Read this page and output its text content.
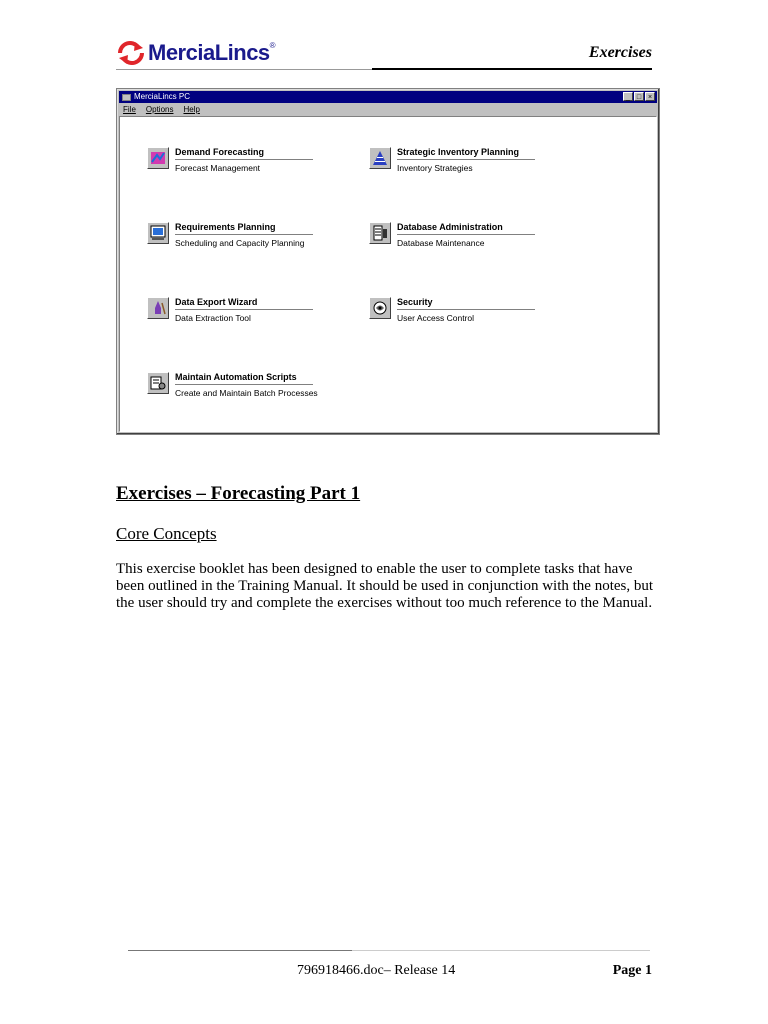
MerciaLincs ®	Exercises
MerciaLincs PC	_ □ ×
File Options Help
Demand Forecasting
Forecast Management
Strategic Inventory Planning
Inventory Strategies
Requirements Planning
Scheduling and Capacity Planning
Database Administration
Database Maintenance
Data Export Wizard
Data Extraction Tool
Security
User Access Control
Maintain Automation Scripts
Create and Maintain Batch Processes
Exercises – Forecasting Part 1
Core Concepts

This exercise booklet has been designed to enable the user to complete tasks that have been outlined in the Training Manual. It should be used in conjunction with the notes, but the user should try and complete the exercises without too much reference to the Manual.

796918466.doc– Release 14	Page 1
